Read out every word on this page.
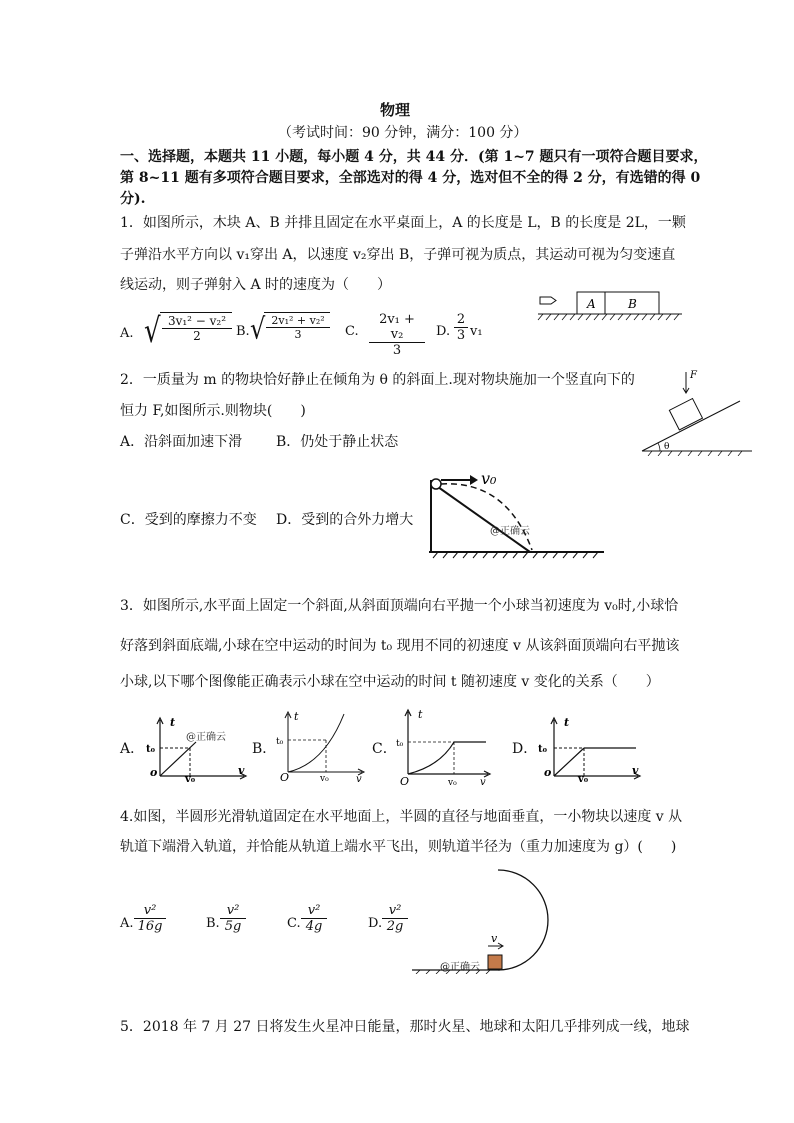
物理
（考试时间：90 分钟，满分：100 分）
一、选择题，本题共 11 小题，每小题 4 分，共 44 分．(第 1~7 题只有一项符合题目要求，
第 8~11 题有多项符合题目要求，全部选对的得 4 分，选对但不全的得 2 分，有选错的得 0
分).
1．如图所示，木块 A、B 并排且固定在水平桌面上，A 的长度是 L，B 的长度是 2L，一颗
子弹沿水平方向以 v₁穿出 A，以速度 v₂穿出 B，子弹可视为质点，其运动可视为匀变速直
线运动，则子弹射入 A 时的速度为（　　）
A	B
A. √ $\frac{\text{3v₁² − v₂²}}{2} B$. √ $\frac{\text{2v₁² + v₂²}}{3} C$. $\frac{\text{2v₁ + v₂}}{3} D$. $\frac{2}{3} v_1$
2．一质量为 m 的物块恰好静止在倾角为 θ 的斜面上.现对物块施加一个竖直向下的
恒力 F,如图所示.则物块(　　)
A．沿斜面加速下滑 B．仍处于静止状态
F
θ
C．受到的摩擦力不变 D．受到的合外力增大
v₀
@正确云
3．如图所示,水平面上固定一个斜面,从斜面顶端向右平抛一个小球当初速度为 v₀时,小球恰
好落到斜面底端,小球在空中运动的时间为 t₀ 现用不同的初速度 v 从该斜面顶端向右平抛该
小球,以下哪个图像能正确表示小球在空中运动的时间 t 随初速度 v 变化的关系（　　）
A．
t
v
o
t₀
v₀
@正确云
B．
t
v
O
t₀
v₀
C．
t
v
O
t₀
v₀
D．
t
v
o
t₀
v₀
4.如图，半圆形光滑轨道固定在水平地面上，半圆的直径与地面垂直，一小物块以速度 v 从
轨道下端滑入轨道，并恰能从轨道上端水平飞出，则轨道半径为（重力加速度为 g）(　　)
A. $\frac{\text{v²}}{16g}$	B. $\frac{\text{v²}}{5g}$	C. $\frac{\text{v²}}{4g}$	D. $\frac{\text{v²}}{2g}$
v
@正确云
5．2018 年 7 月 27 日将发生火星冲日能量，那时火星、地球和太阳几乎排列成一线，地球
